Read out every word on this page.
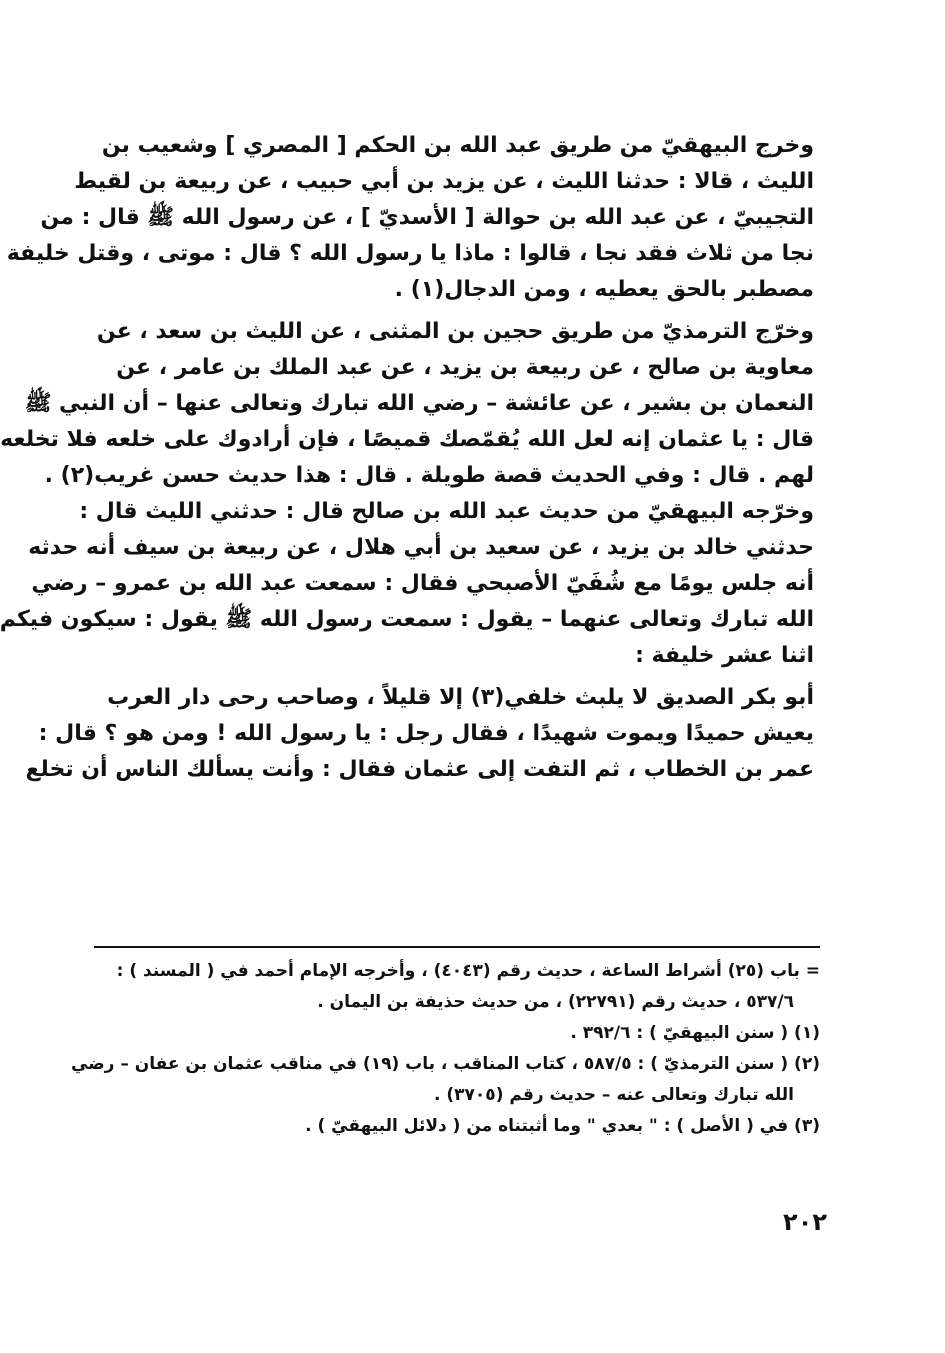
وخرج البيهقيّ من طريق عبد الله بن الحكم [ المصري ] وشعيب بن
الليث ، قالا : حدثنا الليث ، عن يزيد بن أبي حبيب ، عن ربيعة بن لقيط
التجيبيّ ، عن عبد الله بن حوالة [ الأسديّ ] ، عن رسول الله ﷺ قال : من
نجا من ثلاث فقد نجا ، قالوا : ماذا يا رسول الله ؟ قال : موتى ، وقتل خليفة
مصطبر بالحق يعطيه ، ومن الدجال(١) .
وخرّج الترمذيّ من طريق حجين بن المثنى ، عن الليث بن سعد ، عن
معاوية بن صالح ، عن ربيعة بن يزيد ، عن عبد الملك بن عامر ، عن
النعمان بن بشير ، عن عائشة – رضي الله تبارك وتعالى عنها – أن النبي ﷺ
قال : يا عثمان إنه لعل الله يُقمّصك قميصًا ، فإن أرادوك على خلعه فلا تخلعه
لهم . قال : وفي الحديث قصة طويلة . قال : هذا حديث حسن غريب(٢) .
وخرّجه البيهقيّ من حديث عبد الله بن صالح قال : حدثني الليث قال :
حدثني خالد بن يزيد ، عن سعيد بن أبي هلال ، عن ربيعة بن سيف أنه حدثه
أنه جلس يومًا مع شُفَيّ الأصبحي فقال : سمعت عبد الله بن عمرو – رضي
الله تبارك وتعالى عنهما – يقول : سمعت رسول الله ﷺ يقول : سيكون فيكم
اثنا عشر خليفة :
أبو بكر الصديق لا يلبث خلفي(٣) إلا قليلاً ، وصاحب رحى دار العرب
يعيش حميدًا ويموت شهيدًا ، فقال رجل : يا رسول الله ! ومن هو ؟ قال :
عمر بن الخطاب ، ثم التفت إلى عثمان فقال : وأنت يسألك الناس أن تخلع
= باب (٢٥) أشراط الساعة ، حديث رقم (٤٠٤٣) ، وأخرجه الإمام أحمد في ( المسند ) :
٥٣٧/٦ ، حديث رقم (٢٢٧٩١) ، من حديث حذيفة بن اليمان .
(١) ( سنن البيهقيّ ) : ٣٩٢/٦ .
(٢) ( سنن الترمذيّ ) : ٥٨٧/٥ ، كتاب المناقب ، باب (١٩) في مناقب عثمان بن عفان – رضي
الله تبارك وتعالى عنه – حديث رقم (٣٧٠٥) .
(٣) في ( الأصل ) : " بعدي " وما أثبتناه من ( دلائل البيهقيّ ) .
٢٠٢
